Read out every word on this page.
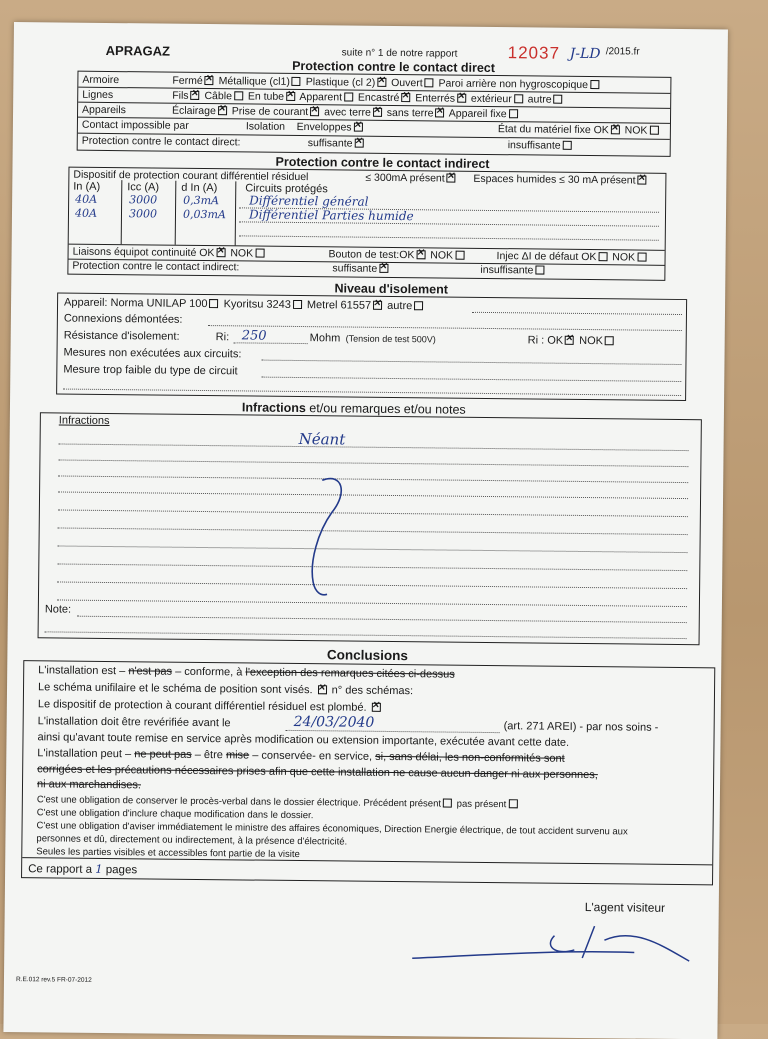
APRAGAZ	suite n° 1 de notre rapport	12037 J-LD /2015.fr
Protection contre le contact direct
Armoire	Fermé ✕ Métallique (cl1) Plastique (cl 2) ✕ Ouvert Paroi arrière non hygroscopique
Lignes	Fils ✕ Câble En tube ✕ Apparent Encastré ✕ Enterrés ✕ extérieur autre
Appareils	Éclairage ✕ Prise de courant ✕ avec terre ✕ sans terre ✕ Appareil fixe
Contact impossible par	Isolation Enveloppes ✕	État du matériel fixe OK ✕ NOK
Protection contre le contact direct:	suffisante ✕	insuffisante
Protection contre le contact indirect
Dispositif de protection courant différentiel résiduel	≤ 300mA présent ✕	Espaces humides ≤ 30 mA présent✕
In (A) Icc (A) d In (A)	Circuits protégés
40A	3000 0,3mA Différentiel général
40A	3000 0,03mA Différentiel Parties humide
Liaisons équipot continuité OK ✕ NOK	Bouton de test:OK ✕ NOK	Injec ΔI de défaut OK NOK
Protection contre le contact indirect:	suffisante ✕	insuffisante
Niveau d'isolement
Appareil: Norma UNILAP 100 Kyoritsu 3243 Metrel 61557 ✕ autre
Connexions démontées:
Résistance d'isolement:	Ri: 250	Mohm (Tension de test 500V)	Ri : OK ✕ NOK
Mesures non exécutées aux circuits:
Mesure trop faible du type de circuit
Infractions et/ou remarques et/ou notes
Infractions
Néant
Note:
Conclusions
L'installation est – n'est pas – conforme, à l'exception des remarques citées ci-dessus
Le schéma unifilaire et le schéma de position sont visés. ✕ n° des schémas:
Le dispositif de protection à courant différentiel résiduel est plombé. ✕
L'installation doit être revérifiée avant le	24/03/2040	(art. 271 AREI) - par nos soins -
ainsi qu'avant toute remise en service après modification ou extension importante, exécutée avant cette date.
L'installation peut – ne peut pas – être mise – conservée- en service, si, sans délai, les non-conformités sont
corrigées et les précautions nécessaires prises afin que cette installation ne cause aucun danger ni aux personnes,
ni aux marchandises.
C'est une obligation de conserver le procès-verbal dans le dossier électrique. Précédent présent pas présent
C'est une obligation d'inclure chaque modification dans le dossier.
C'est une obligation d'aviser immédiatement le ministre des affaires économiques, Direction Energie électrique, de tout accident survenu aux
personnes et dû, directement ou indirectement, à la présence d'électricité.
Seules les parties visibles et accessibles font partie de la visite
Ce rapport a 1 pages
L'agent visiteur
R.E.012 rev.5 FR-07-2012
